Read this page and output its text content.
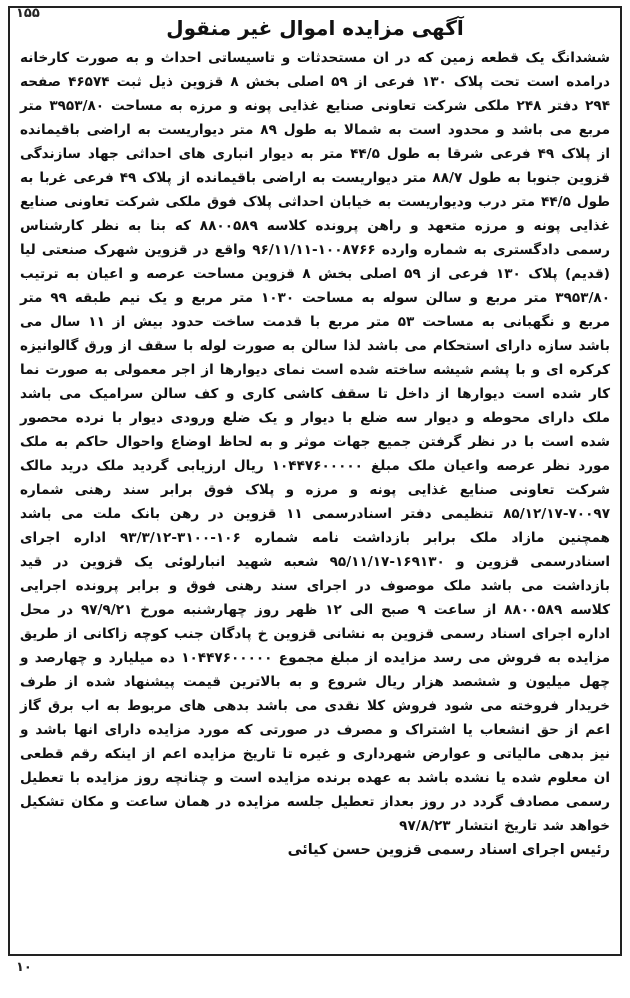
۱۵۵
آگهی مزایده اموال غیر منقول
ششدانگ یک قطعه زمین که در ان مستحدثات و تاسیساتی احداث و به صورت کارخانه درامده است تحت پلاک ۱۳۰ فرعی از ۵۹ اصلی بخش ۸ قزوین ذیل ثبت ۴۶۵۷۴ صفحه ۲۹۴ دفتر ۲۴۸ ملکی شرکت تعاونی صنایع غذایی پونه و مرزه به مساحت ۳۹۵۳/۸۰ متر مربع می باشد و محدود است به شمالا به طول ۸۹ متر دیواریست به اراضی باقیمانده از پلاک ۴۹ فرعی شرقا به طول ۴۴/۵ متر به دیوار انباری های احداثی جهاد سازندگی قزوین جنوبا به طول ۸۸/۷ متر دیواریست به اراضی باقیمانده از پلاک ۴۹ فرعی غربا به طول ۴۴/۵ متر درب ودیواریست به خیابان احداثی پلاک فوق ملکی شرکت تعاونی صنایع غذایی پونه و مرزه متعهد و راهن پرونده کلاسه ۸۸۰۰۵۸۹ که بنا به نظر کارشناس رسمی دادگستری به شماره وارده ۱۰۰۸۷۶۶-۹۶/۱۱/۱۱ واقع در قزوین شهرک صنعتی لیا (قدیم) پلاک ۱۳۰ فرعی از ۵۹ اصلی بخش ۸ قزوین مساحت عرصه و اعیان به ترتیب ۳۹۵۳/۸۰ متر مربع و سالن سوله به مساحت ۱۰۳۰ متر مربع و یک نیم طبقه ۹۹ متر مربع و نگهبانی به مساحت ۵۳ متر مربع با قدمت ساخت حدود بیش از ۱۱ سال می باشد سازه دارای استحکام می باشد لذا سالن به صورت لوله با سقف از ورق گالوانیزه کرکره ای و با پشم شیشه ساخته شده است نمای دیوارها از اجر معمولی به صورت نما کار شده است دیوارها از داخل تا سقف کاشی کاری و کف سالن سرامیک می باشد ملک دارای محوطه و دیوار سه ضلع با دیوار و یک ضلع ورودی دیوار با نرده محصور شده است با در نظر گرفتن جمیع جهات موثر و به لحاظ اوضاع واحوال حاکم به ملک مورد نظر عرصه واعیان ملک مبلغ ۱۰۴۴۷۶۰۰۰۰۰ ریال ارزیابی گردید ملک درید مالک شرکت تعاونی صنایع غذایی پونه و مرزه و پلاک فوق برابر سند رهنی شماره ۷۰۰۹۷-۸۵/۱۲/۱۷ تنظیمی دفتر اسنادرسمی ۱۱ قزوین در رهن بانک ملت می باشد همچنین مازاد ملک برابر بازداشت نامه شماره ۱۰۶-۳۱۰۰-۹۳/۳/۱۲ اداره اجرای اسنادرسمی قزوین و ۱۶۹۱۳۰-۹۵/۱۱/۱۷ شعبه شهید انبارلوئی یک قزوین در قید بازداشت می باشد ملک موصوف در اجرای سند رهنی فوق و برابر پرونده اجرایی کلاسه ۸۸۰۰۵۸۹ از ساعت ۹ صبح الی ۱۲ ظهر روز چهارشنبه مورخ ۹۷/۹/۲۱ در محل اداره اجرای اسناد رسمی قزوین به نشانی قزوین خ پادگان جنب کوچه زاکانی از طریق مزایده به فروش می رسد مزایده از مبلغ مجموع ۱۰۴۴۷۶۰۰۰۰۰ ده میلیارد و چهارصد و چهل میلیون و ششصد هزار ریال شروع و به بالاترین قیمت پیشنهاد شده از طرف خریدار فروخته می شود فروش کلا نقدی می باشد بدهی های مربوط به اب برق گاز اعم از حق انشعاب یا اشتراک و مصرف در صورتی که مورد مزایده دارای انها باشد و نیز بدهی مالیاتی و عوارض شهرداری و غیره تا تاریخ مزایده اعم از اینکه رقم قطعی ان معلوم شده یا نشده باشد به عهده برنده مزایده است و چنانچه روز مزایده با تعطیل رسمی مصادف گردد در روز بعداز تعطیل جلسه مزایده در همان ساعت و مکان تشکیل خواهد شد تاریخ انتشار ۹۷/۸/۲۳
رئیس اجرای اسناد رسمی قزوین حسن کیائی
۱۰
